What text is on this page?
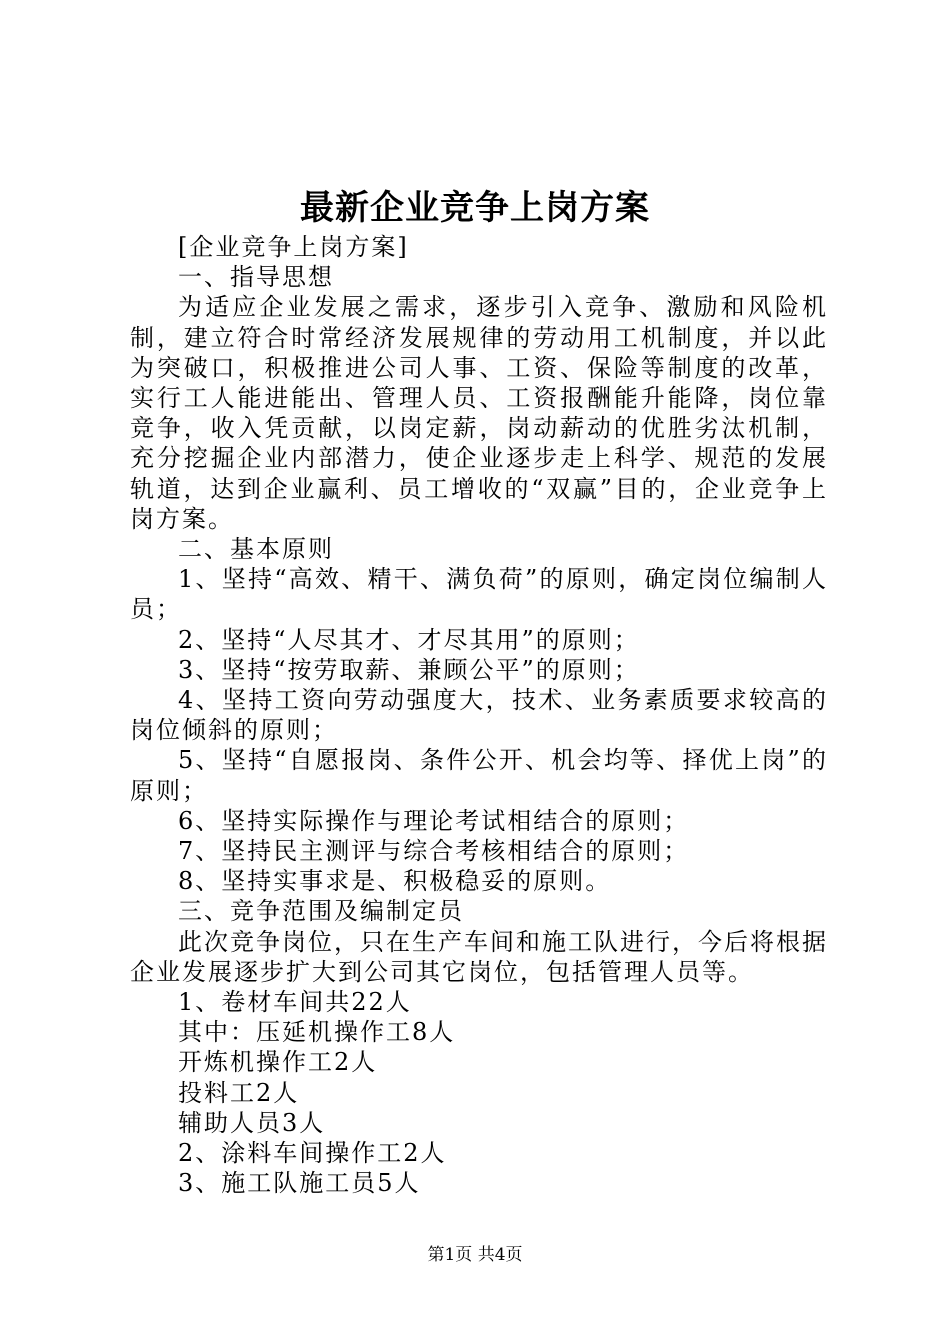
最新企业竞争上岗方案

[企业竞争上岗方案]

一、指导思想

为适应企业发展之需求，逐步引入竞争、激励和风险机制，建立符合时常经济发展规律的劳动用工机制度，并以此为突破口，积极推进公司人事、工资、保险等制度的改革，实行工人能进能出、管理人员、工资报酬能升能降，岗位靠竞争，收入凭贡献，以岗定薪，岗动薪动的优胜劣汰机制，充分挖掘企业内部潜力，使企业逐步走上科学、规范的发展轨道，达到企业赢利、员工增收的“双赢”目的，企业竞争上岗方案。

二、基本原则

1、坚持“高效、精干、满负荷”的原则，确定岗位编制人员；

2、坚持“人尽其才、才尽其用”的原则；

3、坚持“按劳取薪、兼顾公平”的原则；

4、坚持工资向劳动强度大，技术、业务素质要求较高的岗位倾斜的原则；

5、坚持“自愿报岗、条件公开、机会均等、择优上岗”的原则；

6、坚持实际操作与理论考试相结合的原则；

7、坚持民主测评与综合考核相结合的原则；

8、坚持实事求是、积极稳妥的原则。

三、竞争范围及编制定员

此次竞争岗位，只在生产车间和施工队进行，今后将根据企业发展逐步扩大到公司其它岗位，包括管理人员等。

1、卷材车间共22人

其中：压延机操作工8人

开炼机操作工2人

投料工2人

辅助人员3人

2、涂料车间操作工2人

3、施工队施工员5人

第1页 共4页
